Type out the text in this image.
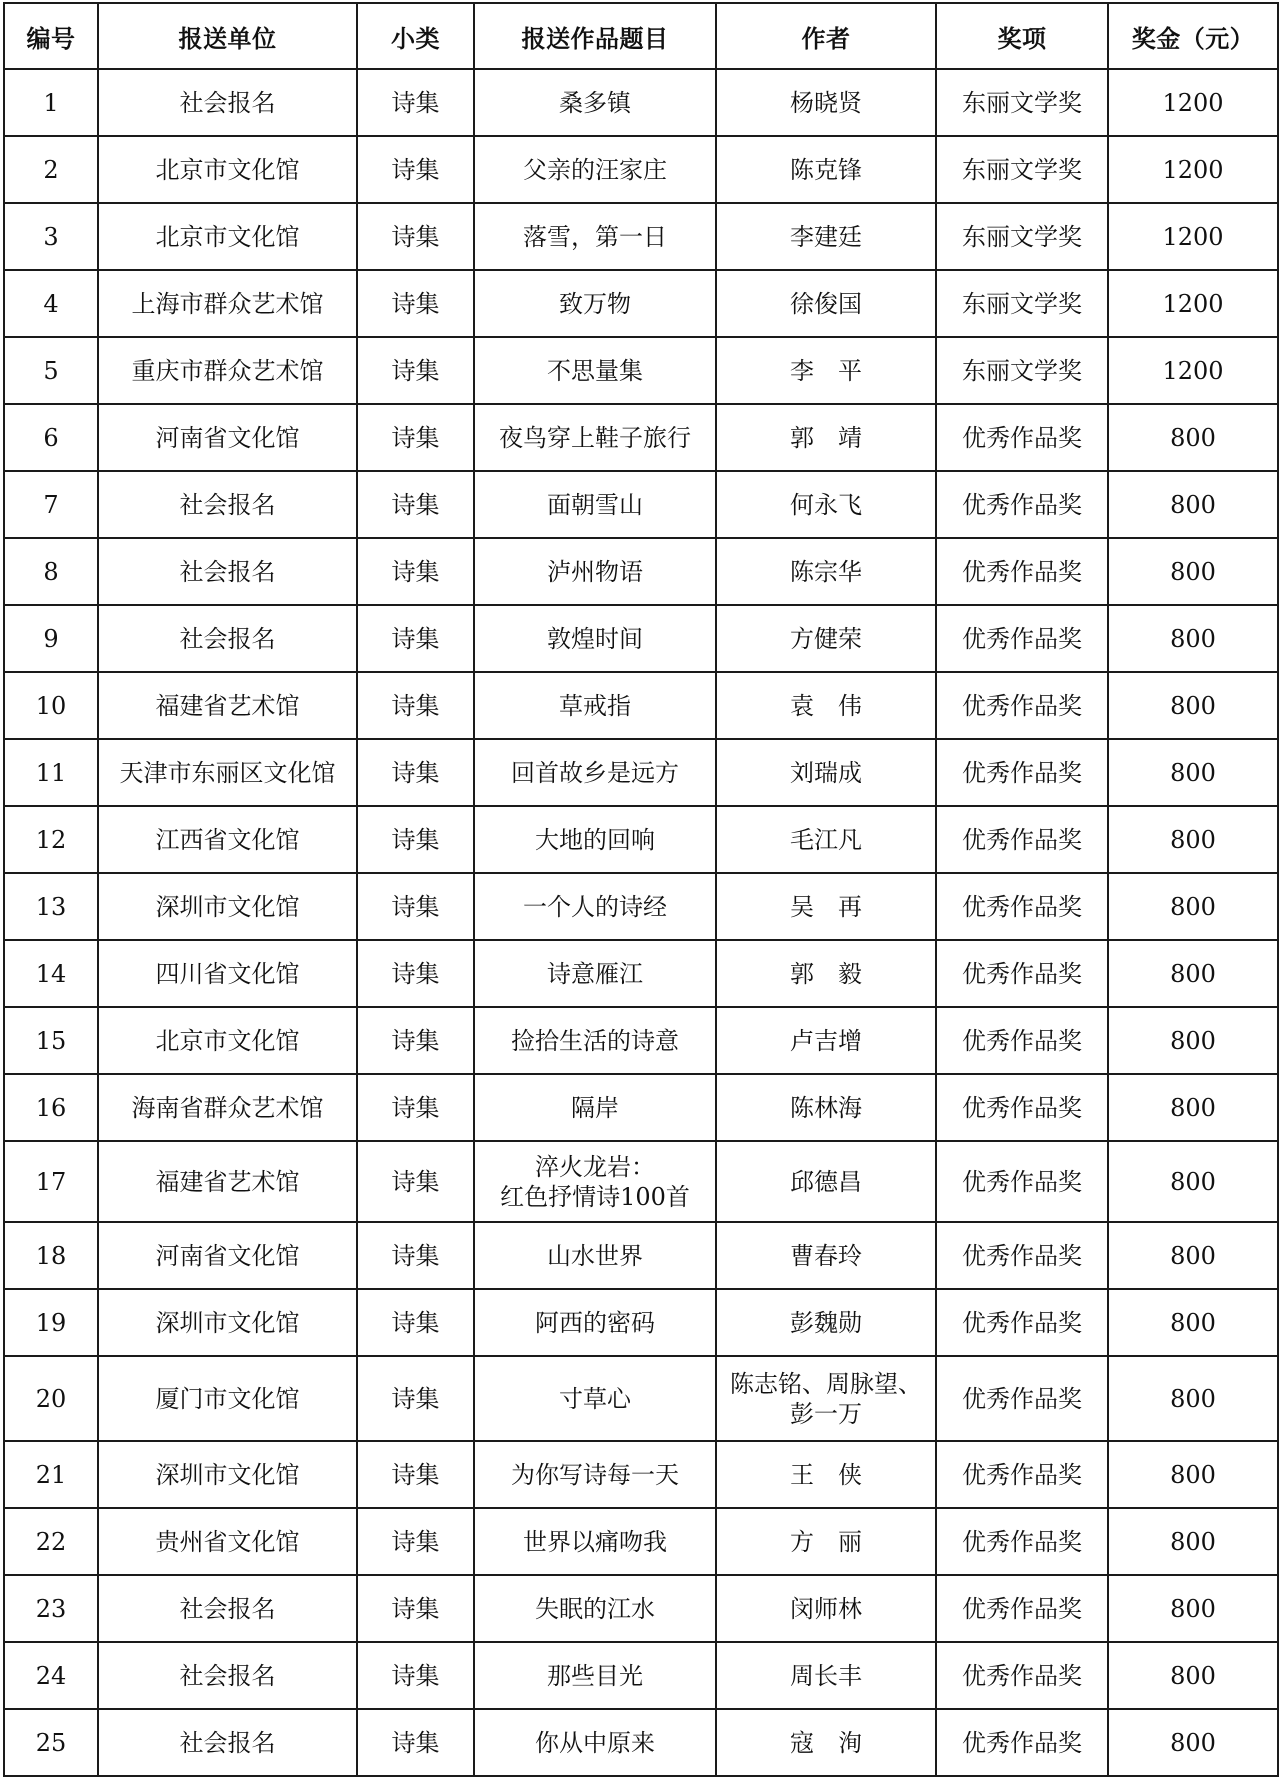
编号	报送单位	小类	报送作品题目	作者	奖项	奖金（元）
1	社会报名	诗集	桑多镇	杨晓贤	东丽文学奖	1200
2	北京市文化馆	诗集	父亲的汪家庄	陈克锋	东丽文学奖	1200
3	北京市文化馆	诗集	落雪，第一日	李建廷	东丽文学奖	1200
4	上海市群众艺术馆	诗集	致万物	徐俊国	东丽文学奖	1200
5	重庆市群众艺术馆	诗集	不思量集	李　平	东丽文学奖	1200
6	河南省文化馆	诗集	夜鸟穿上鞋子旅行	郭　靖	优秀作品奖	800
7	社会报名	诗集	面朝雪山	何永飞	优秀作品奖	800
8	社会报名	诗集	泸州物语	陈宗华	优秀作品奖	800
9	社会报名	诗集	敦煌时间	方健荣	优秀作品奖	800
10	福建省艺术馆	诗集	草戒指	袁　伟	优秀作品奖	800
11	天津市东丽区文化馆	诗集	回首故乡是远方	刘瑞成	优秀作品奖	800
12	江西省文化馆	诗集	大地的回响	毛江凡	优秀作品奖	800
13	深圳市文化馆	诗集	一个人的诗经	吴　再	优秀作品奖	800
14	四川省文化馆	诗集	诗意雁江	郭　毅	优秀作品奖	800
15	北京市文化馆	诗集	捡拾生活的诗意	卢吉增	优秀作品奖	800
16	海南省群众艺术馆	诗集	隔岸	陈林海	优秀作品奖	800
17	福建省艺术馆	诗集	淬火龙岩：
红色抒情诗100首	邱德昌	优秀作品奖	800
18	河南省文化馆	诗集	山水世界	曹春玲	优秀作品奖	800
19	深圳市文化馆	诗集	阿西的密码	彭魏勋	优秀作品奖	800
20	厦门市文化馆	诗集	寸草心	陈志铭、周脉望、
彭一万	优秀作品奖	800
21	深圳市文化馆	诗集	为你写诗每一天	王　侠	优秀作品奖	800
22	贵州省文化馆	诗集	世界以痛吻我	方　丽	优秀作品奖	800
23	社会报名	诗集	失眠的江水	闵师林	优秀作品奖	800
24	社会报名	诗集	那些目光	周长丰	优秀作品奖	800
25	社会报名	诗集	你从中原来	寇　洵	优秀作品奖	800
